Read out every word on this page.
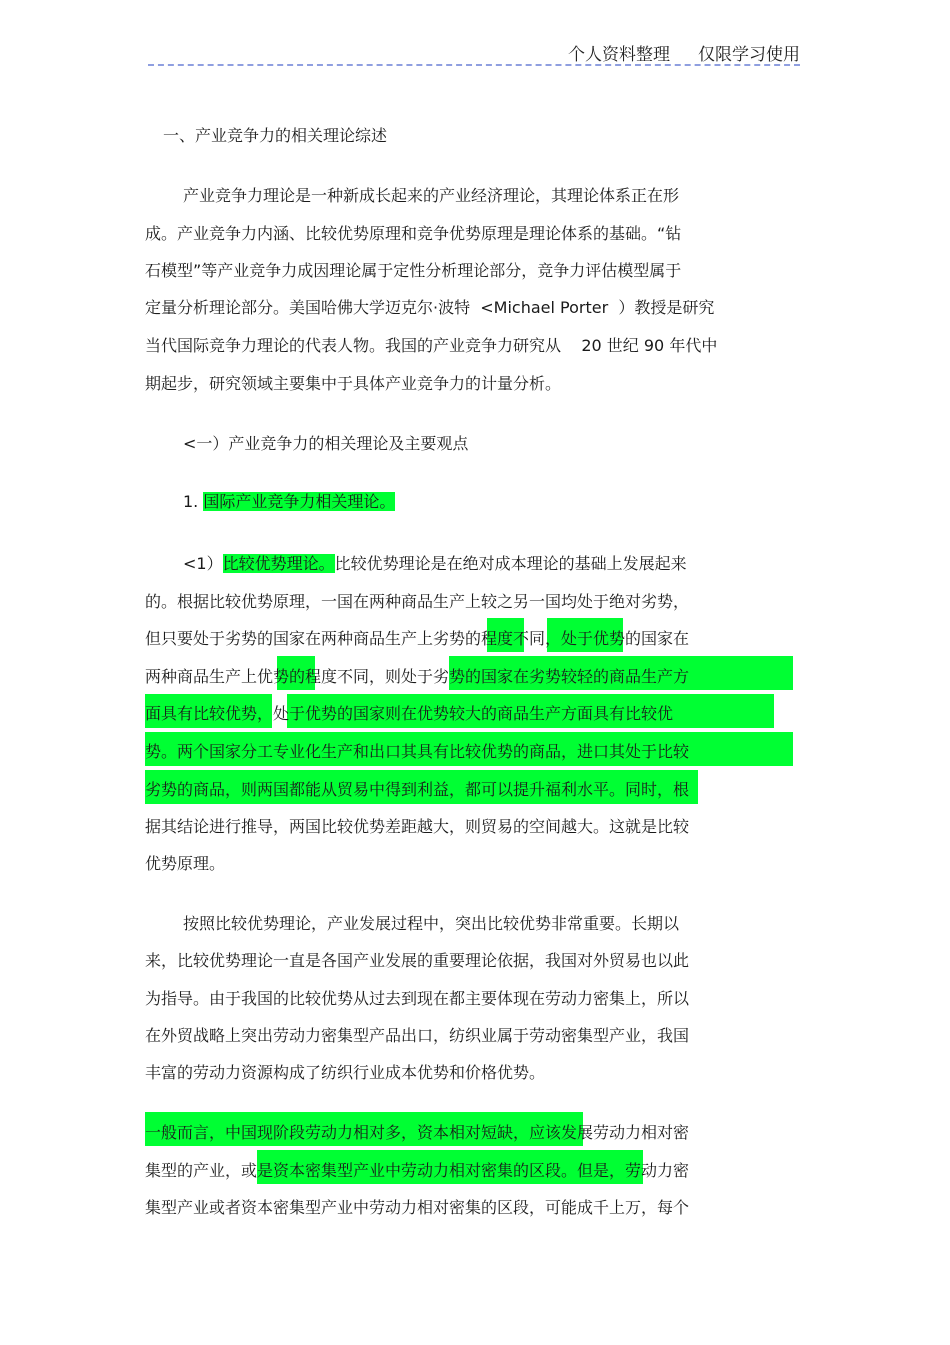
个人资料整理 仅限学习使用
一、产业竞争力的相关理论综述
产业竞争力理论是一种新成长起来的产业经济理论，其理论体系正在形
成。产业竞争力内涵、比较优势原理和竞争优势原理是理论体系的基础。“钻
石模型”等产业竞争力成因理论属于定性分析理论部分，竞争力评估模型属于
定量分析理论部分。美国哈佛大学迈克尔·波特  <Michael Porter  ）教授是研究
当代国际竞争力理论的代表人物。我国的产业竞争力研究从    20 世纪 90 年代中
期起步，研究领域主要集中于具体产业竞争力的计量分析。
<一）产业竞争力的相关理论及主要观点
1. 国际产业竞争力相关理论。
<1）比较优势理论。比较优势理论是在绝对成本理论的基础上发展起来
的。根据比较优势原理，一国在两种商品生产上较之另一国均处于绝对劣势，
但只要处于劣势的国家在两种商品生产上劣势的程度不同，处于优势的国家在
两种商品生产上优势的程度不同，则处于劣势的国家在劣势较轻的商品生产方
面具有比较优势，处于优势的国家则在优势较大的商品生产方面具有比较优
势。两个国家分工专业化生产和出口其具有比较优势的商品，进口其处于比较
劣势的商品，则两国都能从贸易中得到利益，都可以提升福利水平。同时，根
据其结论进行推导，两国比较优势差距越大，则贸易的空间越大。这就是比较
优势原理。
按照比较优势理论，产业发展过程中，突出比较优势非常重要。长期以
来，比较优势理论一直是各国产业发展的重要理论依据，我国对外贸易也以此
为指导。由于我国的比较优势从过去到现在都主要体现在劳动力密集上，所以
在外贸战略上突出劳动力密集型产品出口，纺织业属于劳动密集型产业，我国
丰富的劳动力资源构成了纺织行业成本优势和价格优势。
一般而言，中国现阶段劳动力相对多，资本相对短缺，应该发展劳动力相对密
集型的产业，或是资本密集型产业中劳动力相对密集的区段。但是，劳动力密
集型产业或者资本密集型产业中劳动力相对密集的区段，可能成千上万，每个
